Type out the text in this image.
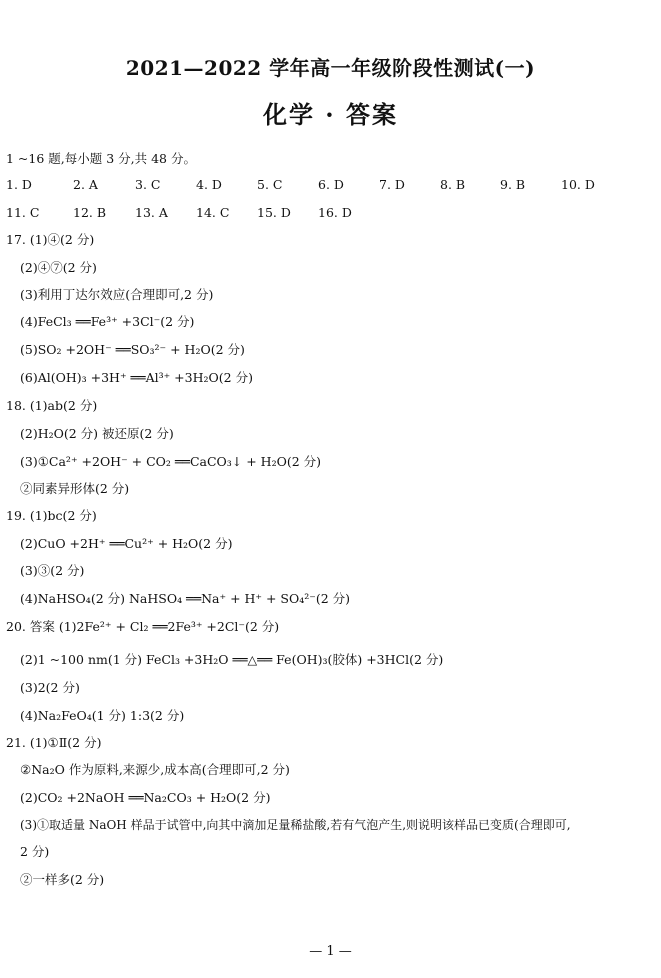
2021—2022 学年高一年级阶段性测试(一)
化学 · 答案
1 ~16 题,每小题 3 分,共 48 分。
1. D	2. A	3. C	4. D	5. C	6. D	7. D	8. B	9. B	10. D
11. C	12. B 13. A 14. C 15. D 16. D
17. (1)④(2 分)
(2)④⑦(2 分)
(3)利用丁达尔效应(合理即可,2 分)
(4)FeCl₃ ══Fe³⁺ +3Cl⁻(2 分)
(5)SO₂ +2OH⁻ ══SO₃²⁻ + H₂O(2 分)
(6)Al(OH)₃ +3H⁺ ══Al³⁺ +3H₂O(2 分)
18. (1)ab(2 分)
(2)H₂O(2 分) 被还原(2 分)
(3)①Ca²⁺ +2OH⁻ + CO₂ ══CaCO₃↓ + H₂O(2 分)
②同素异形体(2 分)
19. (1)bc(2 分)
(2)CuO +2H⁺ ══Cu²⁺ + H₂O(2 分)
(3)③(2 分)
(4)NaHSO₄(2 分) NaHSO₄ ══Na⁺ + H⁺ + SO₄²⁻(2 分)
20. 答案 (1)2Fe²⁺ + Cl₂ ══2Fe³⁺ +2Cl⁻(2 分)
(2)1 ~100 nm(1 分) FeCl₃ +3H₂O ══△══ Fe(OH)₃(胶体) +3HCl(2 分)
(3)2(2 分)
(4)Na₂FeO₄(1 分) 1:3(2 分)
21. (1)①Ⅱ(2 分)
②Na₂O 作为原料,来源少,成本高(合理即可,2 分)
(2)CO₂ +2NaOH ══Na₂CO₃ + H₂O(2 分)
(3)①取适量 NaOH 样品于试管中,向其中滴加足量稀盐酸,若有气泡产生,则说明该样品已变质(合理即可,
2 分)
②一样多(2 分)
— 1 —
